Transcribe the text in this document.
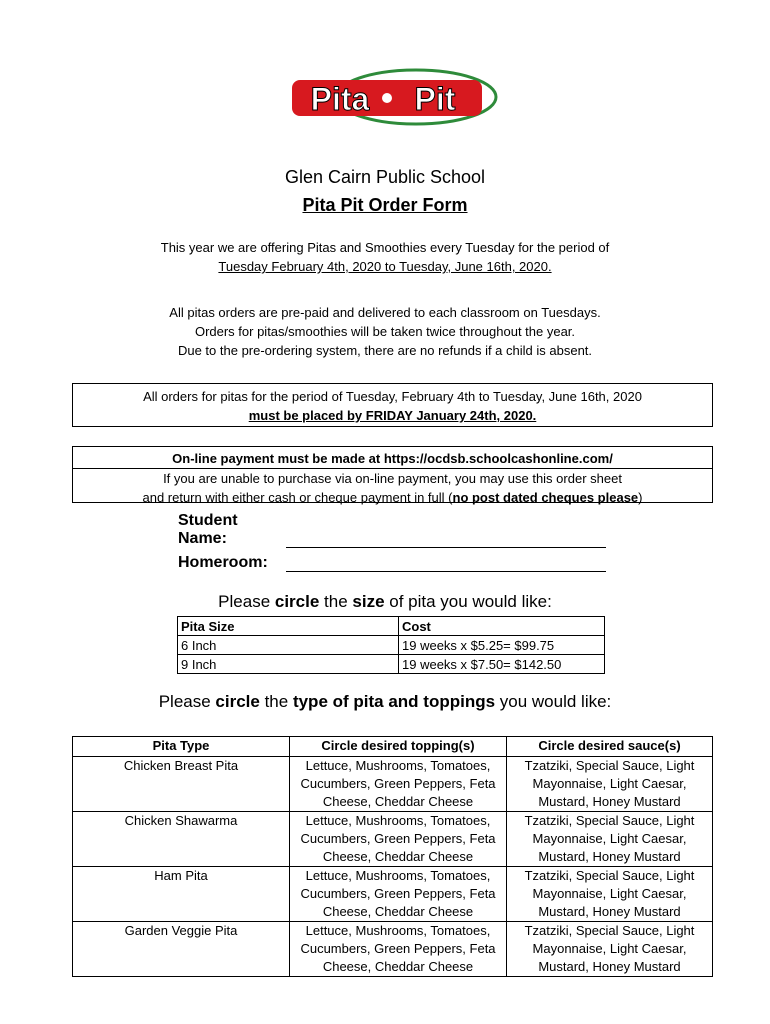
Pita Pit
Glen Cairn Public School
Pita Pit Order Form
This year we are offering Pitas and Smoothies every Tuesday for the period of
Tuesday February 4th, 2020 to Tuesday, June 16th, 2020.
All pitas orders are pre-paid and delivered to each classroom on Tuesdays.
Orders for pitas/smoothies will be taken twice throughout the year.
Due to the pre-ordering system, there are no refunds if a child is absent.
All orders for pitas for the period of Tuesday, February 4th to Tuesday, June 16th, 2020
must be placed by FRIDAY January 24th, 2020.
On-line payment must be made at https://ocdsb.schoolcashonline.com/
If you are unable to purchase via on-line payment, you may use this order sheet
and return with either cash or cheque payment in full (no post dated cheques please)
Student Name:
Homeroom:
Please circle the size of pita you would like:
Pita Size	Cost
6 Inch	19 weeks x $5.25= $99.75
9 Inch	19 weeks x $7.50= $142.50
Please circle the type of pita and toppings you would like:
Pita Type	Circle desired topping(s)	Circle desired sauce(s)
Chicken Breast Pita	Lettuce, Mushrooms, Tomatoes, Cucumbers, Green Peppers, Feta Cheese, Cheddar Cheese	Tzatziki, Special Sauce, Light Mayonnaise, Light Caesar, Mustard, Honey Mustard
Chicken Shawarma	Lettuce, Mushrooms, Tomatoes, Cucumbers, Green Peppers, Feta Cheese, Cheddar Cheese	Tzatziki, Special Sauce, Light Mayonnaise, Light Caesar, Mustard, Honey Mustard
Ham Pita	Lettuce, Mushrooms, Tomatoes, Cucumbers, Green Peppers, Feta Cheese, Cheddar Cheese	Tzatziki, Special Sauce, Light Mayonnaise, Light Caesar, Mustard, Honey Mustard
Garden Veggie Pita	Lettuce, Mushrooms, Tomatoes, Cucumbers, Green Peppers, Feta Cheese, Cheddar Cheese	Tzatziki, Special Sauce, Light Mayonnaise, Light Caesar, Mustard, Honey Mustard
